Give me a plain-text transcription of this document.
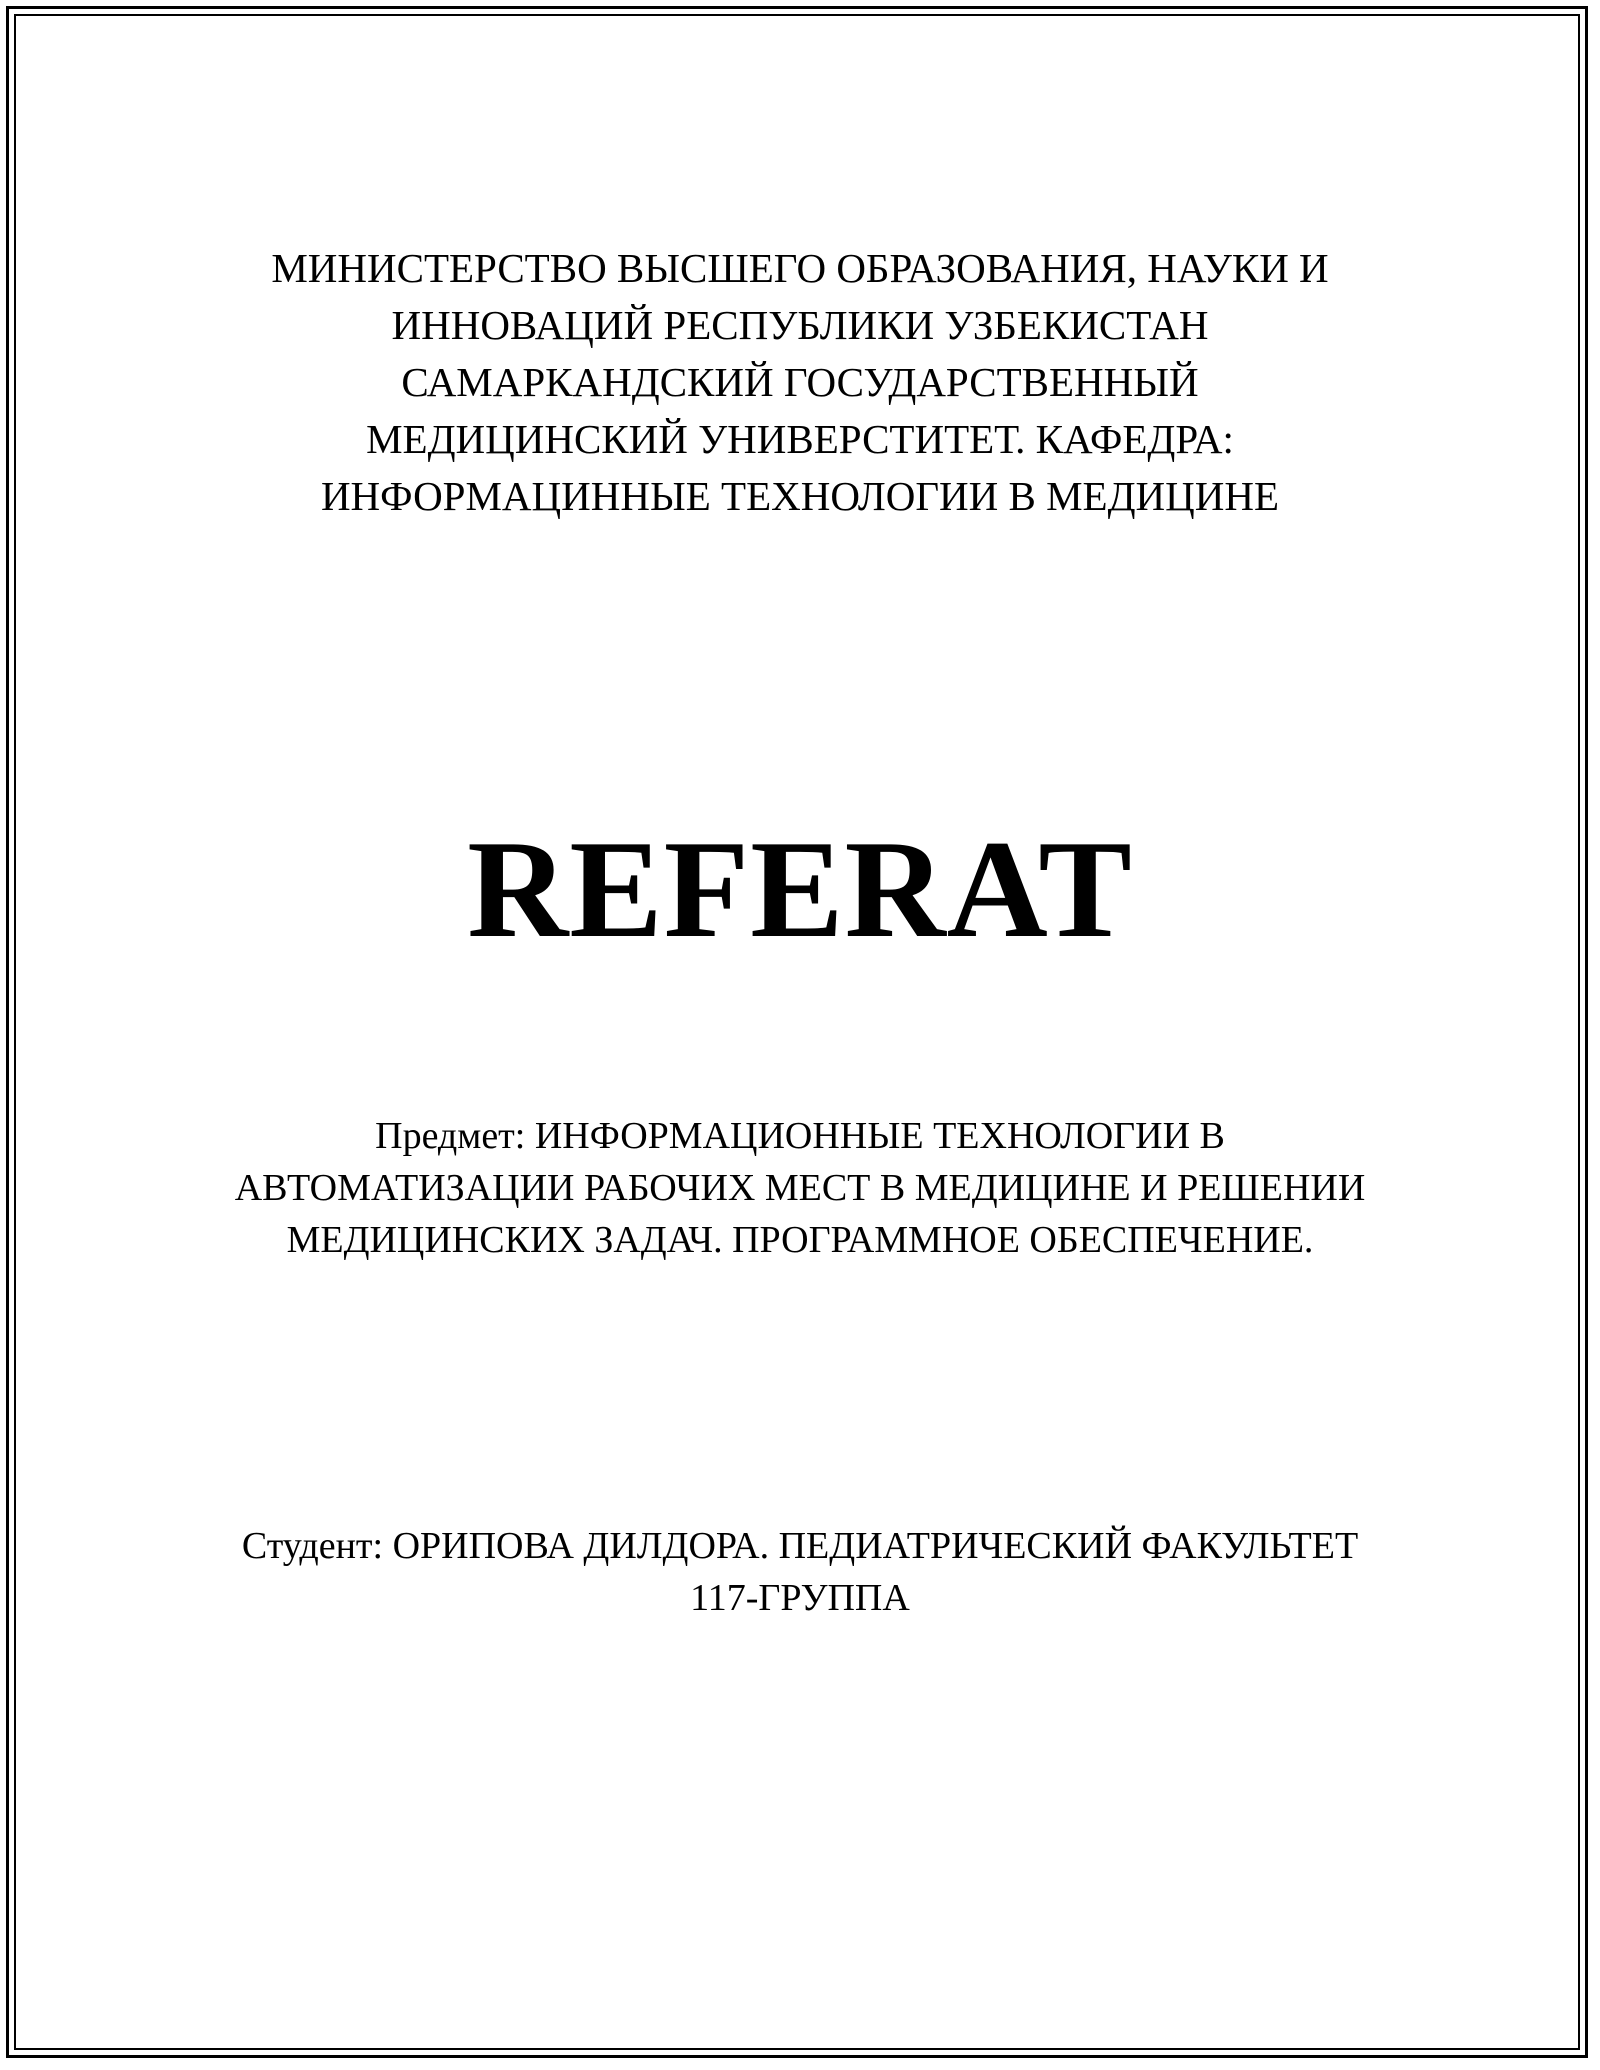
МИНИСТЕРСТВО ВЫСШЕГО ОБРАЗОВАНИЯ, НАУКИ И
ИННОВАЦИЙ РЕСПУБЛИКИ УЗБЕКИСТАН
САМАРКАНДСКИЙ ГОСУДАРСТВЕННЫЙ
МЕДИЦИНСКИЙ УНИВЕРСТИТЕТ. КАФЕДРА:
ИНФОРМАЦИННЫЕ ТЕХНОЛОГИИ В МЕДИЦИНЕ
REFERAT
Предмет: ИНФОРМАЦИОННЫЕ ТЕХНОЛОГИИ В
АВТОМАТИЗАЦИИ РАБОЧИХ МЕСТ В МЕДИЦИНЕ И РЕШЕНИИ
МЕДИЦИНСКИХ ЗАДАЧ. ПРОГРАММНОЕ ОБЕСПЕЧЕНИЕ.
Студент: ОРИПОВА ДИЛДОРА. ПЕДИАТРИЧЕСКИЙ ФАКУЛЬТЕТ
117-ГРУППА
